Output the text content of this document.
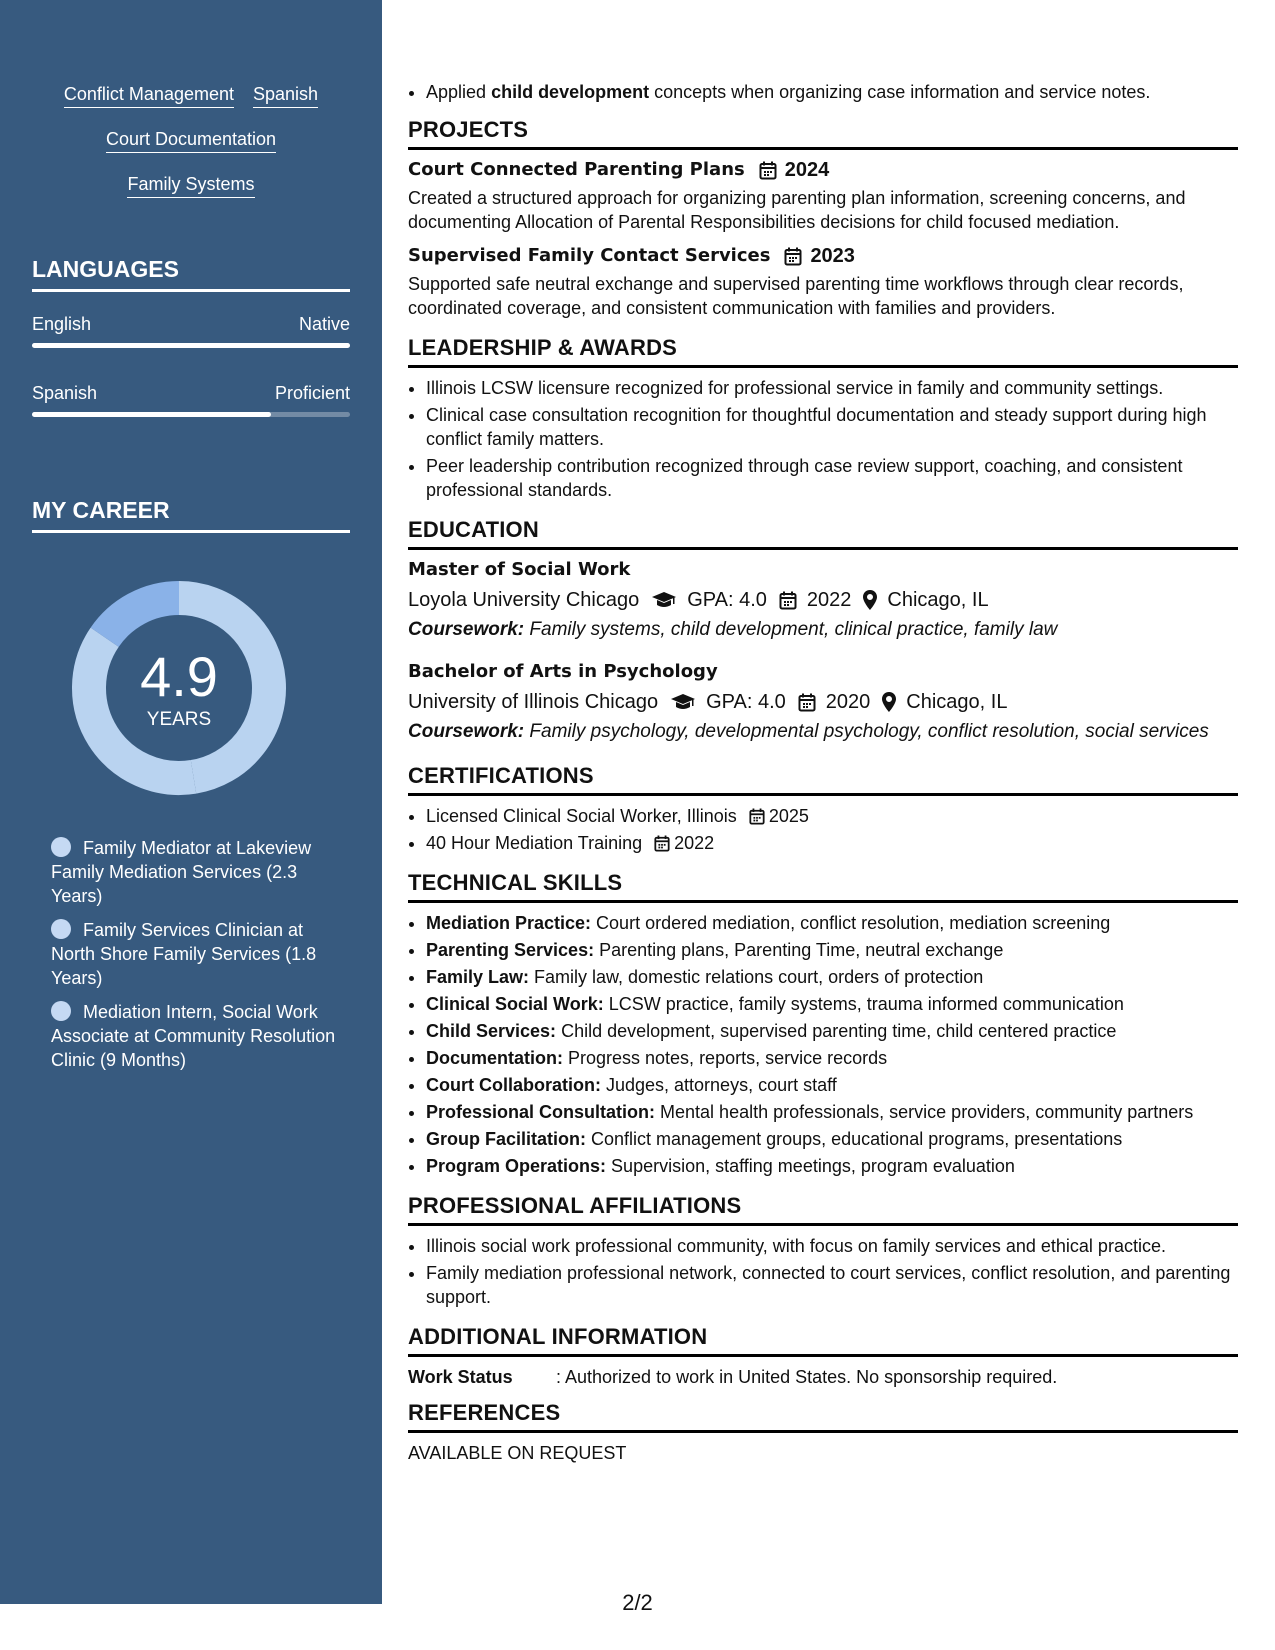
Conflict Management Spanish
Court Documentation
Family Systems
LANGUAGES
English	Native
Spanish	Proficient
MY CAREER
4.9
YEARS
Family Mediator at Lakeview Family Mediation Services (2.3 Years)
Family Services Clinician at North Shore Family Services (1.8 Years)
Mediation Intern, Social Work Associate at Community Resolution Clinic (9 Months)
• Applied child development concepts when organizing case information and service notes.
PROJECTS
Court Connected Parenting Plans 2024
Created a structured approach for organizing parenting plan information, screening concerns, and documenting Allocation of Parental Responsibilities decisions for child focused mediation.
Supervised Family Contact Services 2023
Supported safe neutral exchange and supervised parenting time workflows through clear records, coordinated coverage, and consistent communication with families and providers.
LEADERSHIP & AWARDS
• Illinois LCSW licensure recognized for professional service in family and community settings.
• Clinical case consultation recognition for thoughtful documentation and steady support during high conflict family matters.
• Peer leadership contribution recognized through case review support, coaching, and consistent professional standards.
EDUCATION
Master of Social Work
Loyola University Chicago GPA: 4.0 2022 Chicago, IL
Coursework: Family systems, child development, clinical practice, family law
Bachelor of Arts in Psychology
University of Illinois Chicago GPA: 4.0 2020 Chicago, IL
Coursework: Family psychology, developmental psychology, conflict resolution, social services
CERTIFICATIONS
• Licensed Clinical Social Worker, Illinois 2025
• 40 Hour Mediation Training 2022
TECHNICAL SKILLS
• Mediation Practice: Court ordered mediation, conflict resolution, mediation screening
• Parenting Services: Parenting plans, Parenting Time, neutral exchange
• Family Law: Family law, domestic relations court, orders of protection
• Clinical Social Work: LCSW practice, family systems, trauma informed communication
• Child Services: Child development, supervised parenting time, child centered practice
• Documentation: Progress notes, reports, service records
• Court Collaboration: Judges, attorneys, court staff
• Professional Consultation: Mental health professionals, service providers, community partners
• Group Facilitation: Conflict management groups, educational programs, presentations
• Program Operations: Supervision, staffing meetings, program evaluation
PROFESSIONAL AFFILIATIONS
• Illinois social work professional community, with focus on family services and ethical practice.
• Family mediation professional network, connected to court services, conflict resolution, and parenting support.
ADDITIONAL INFORMATION
Work Status	: Authorized to work in United States. No sponsorship required.
REFERENCES
AVAILABLE ON REQUEST
2/2
